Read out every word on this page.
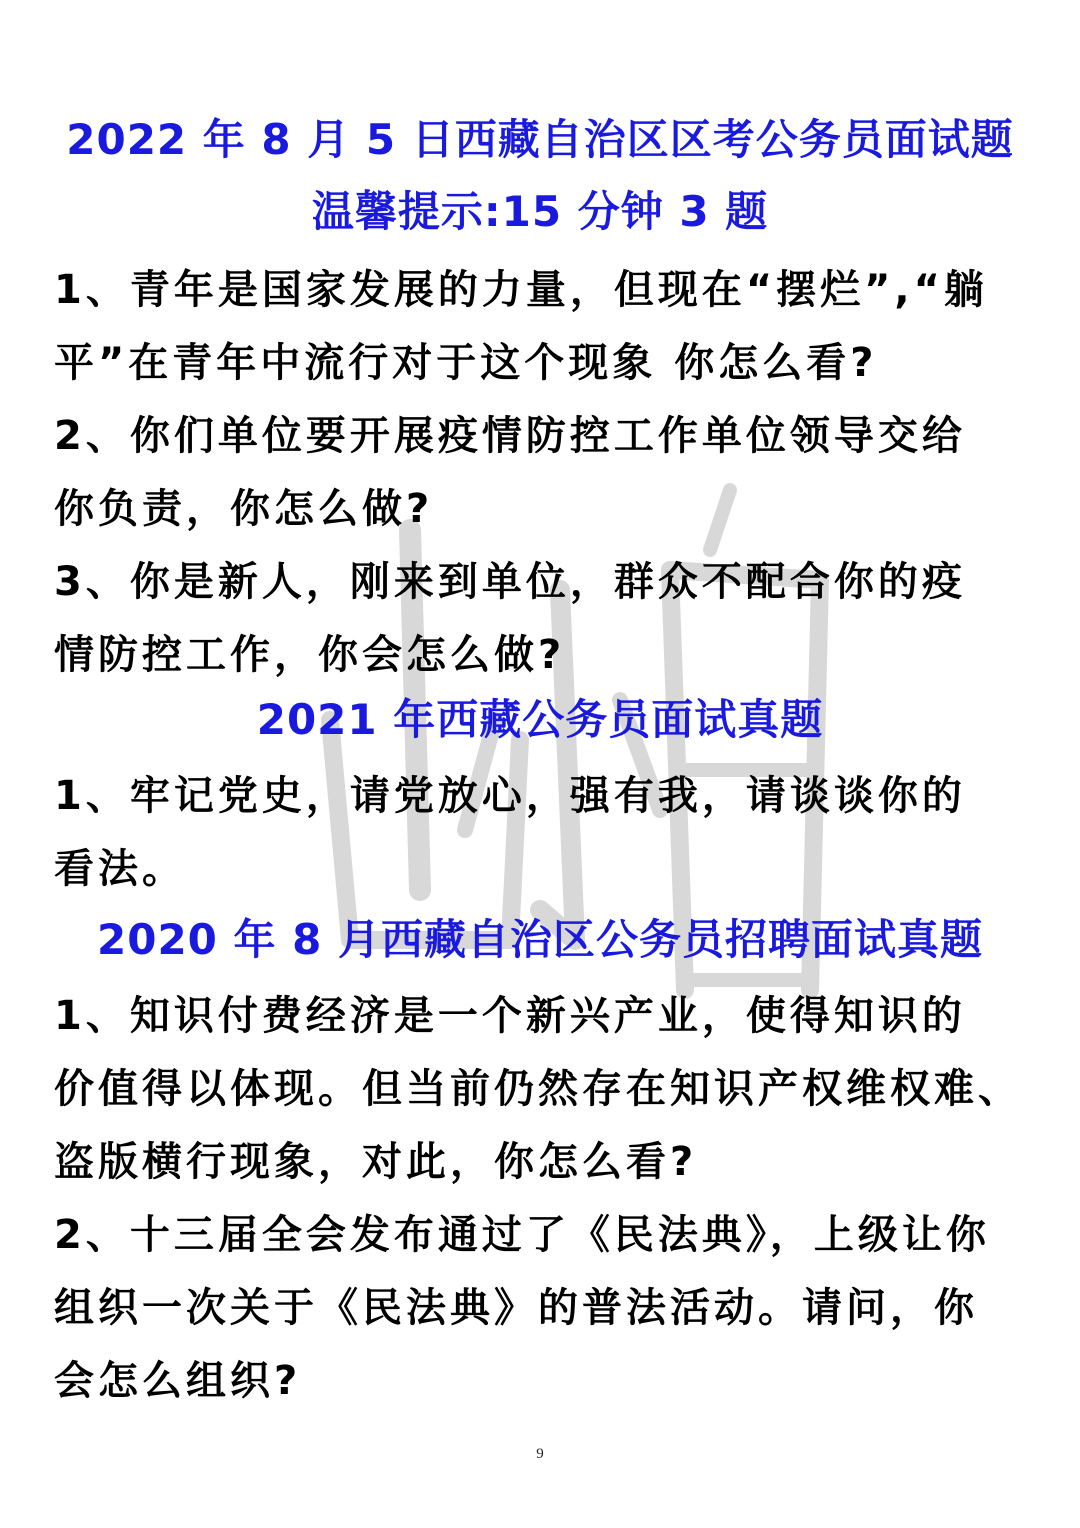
2022 年 8 月 5 日西藏自治区区考公务员面试题
温馨提示:15 分钟 3 题
1、青年是国家发展的力量，但现在“摆烂”,“躺
平”在青年中流行对于这个现象 你怎么看?
2、你们单位要开展疫情防控工作单位领导交给
你负责，你怎么做?
3、你是新人，刚来到单位，群众不配合你的疫
情防控工作，你会怎么做?
2021 年西藏公务员面试真题
1、牢记党史，请党放心，强有我，请谈谈你的
看法。
2020 年 8 月西藏自治区公务员招聘面试真题
1、知识付费经济是一个新兴产业，使得知识的
价值得以体现。但当前仍然存在知识产权维权难、
盗版横行现象，对此，你怎么看?
2、十三届全会发布通过了《民法典》，上级让你
组织一次关于《民法典》的普法活动。请问，你
会怎么组织?
9
